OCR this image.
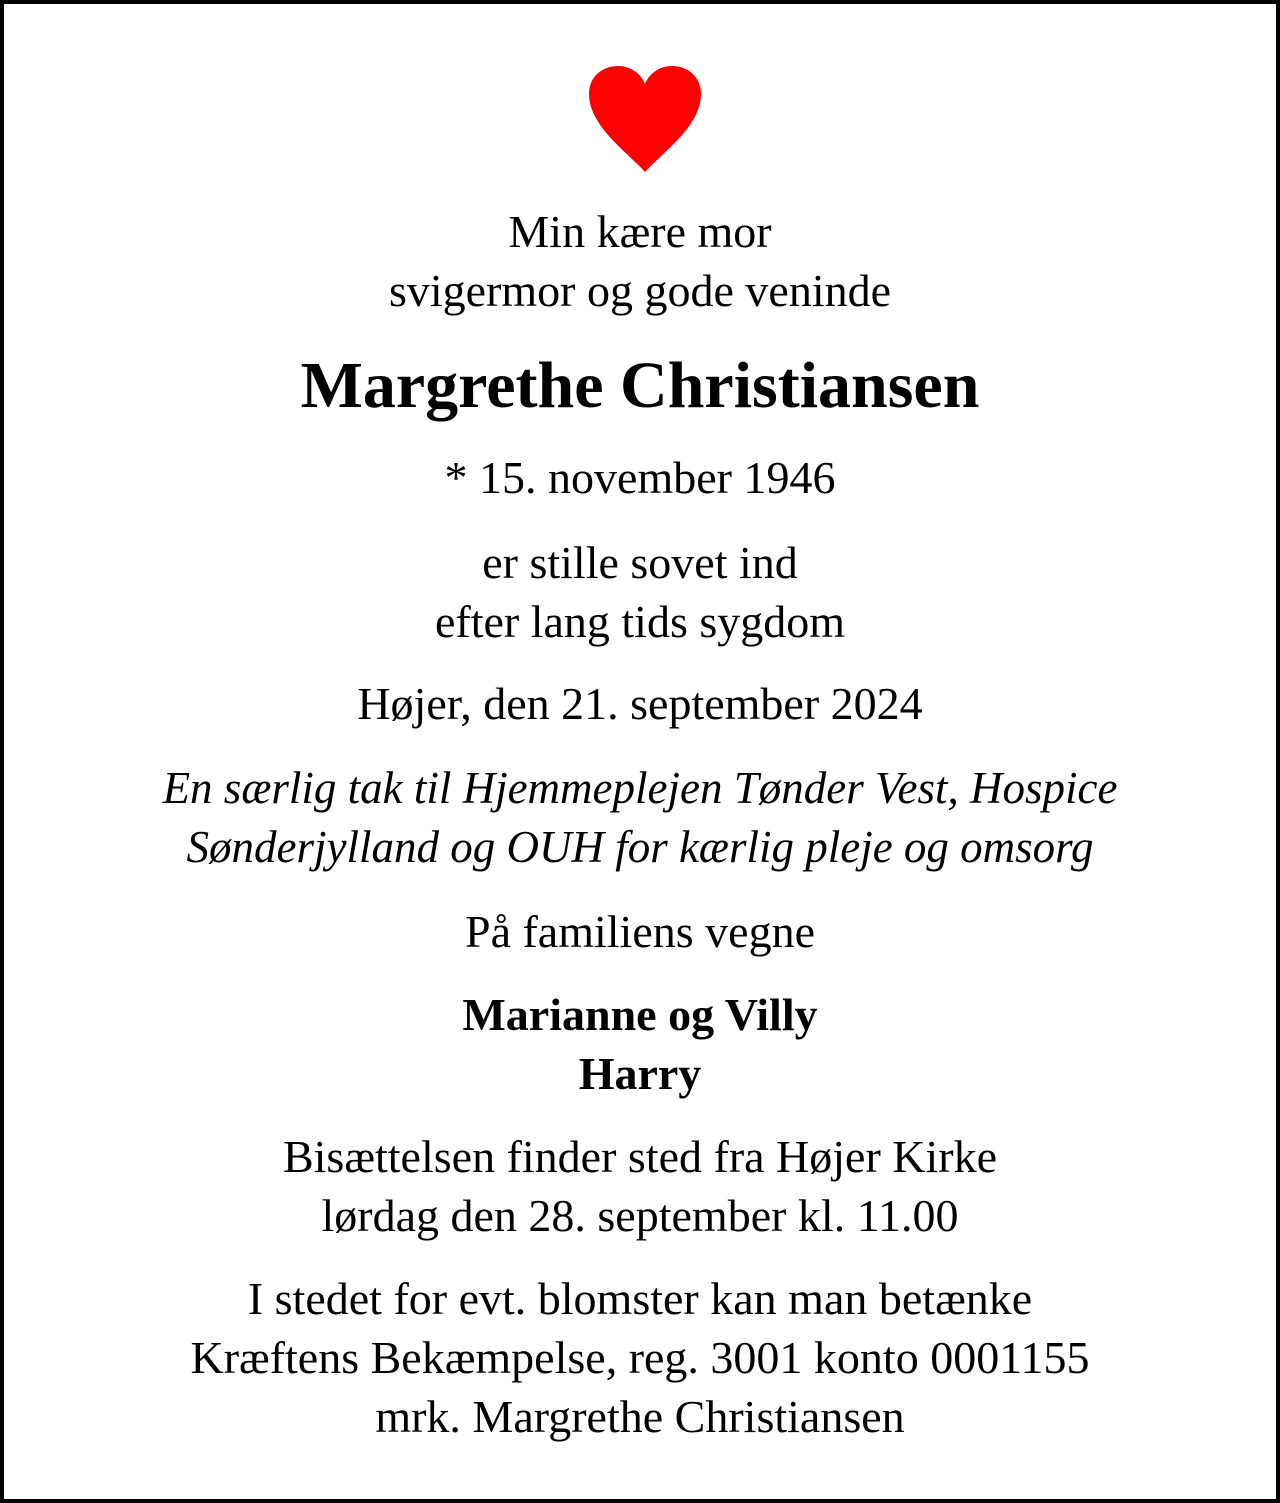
Min kære mor
svigermor og gode veninde
Margrethe Christiansen
* 15. november 1946
er stille sovet ind
efter lang tids sygdom
Højer, den 21. september 2024
En særlig tak til Hjemmeplejen Tønder Vest, Hospice
Sønderjylland og OUH for kærlig pleje og omsorg
På familiens vegne
Marianne og Villy
Harry
Bisættelsen finder sted fra Højer Kirke
lørdag den 28. september kl. 11.00
I stedet for evt. blomster kan man betænke
Kræftens Bekæmpelse, reg. 3001 konto 0001155
mrk. Margrethe Christiansen
